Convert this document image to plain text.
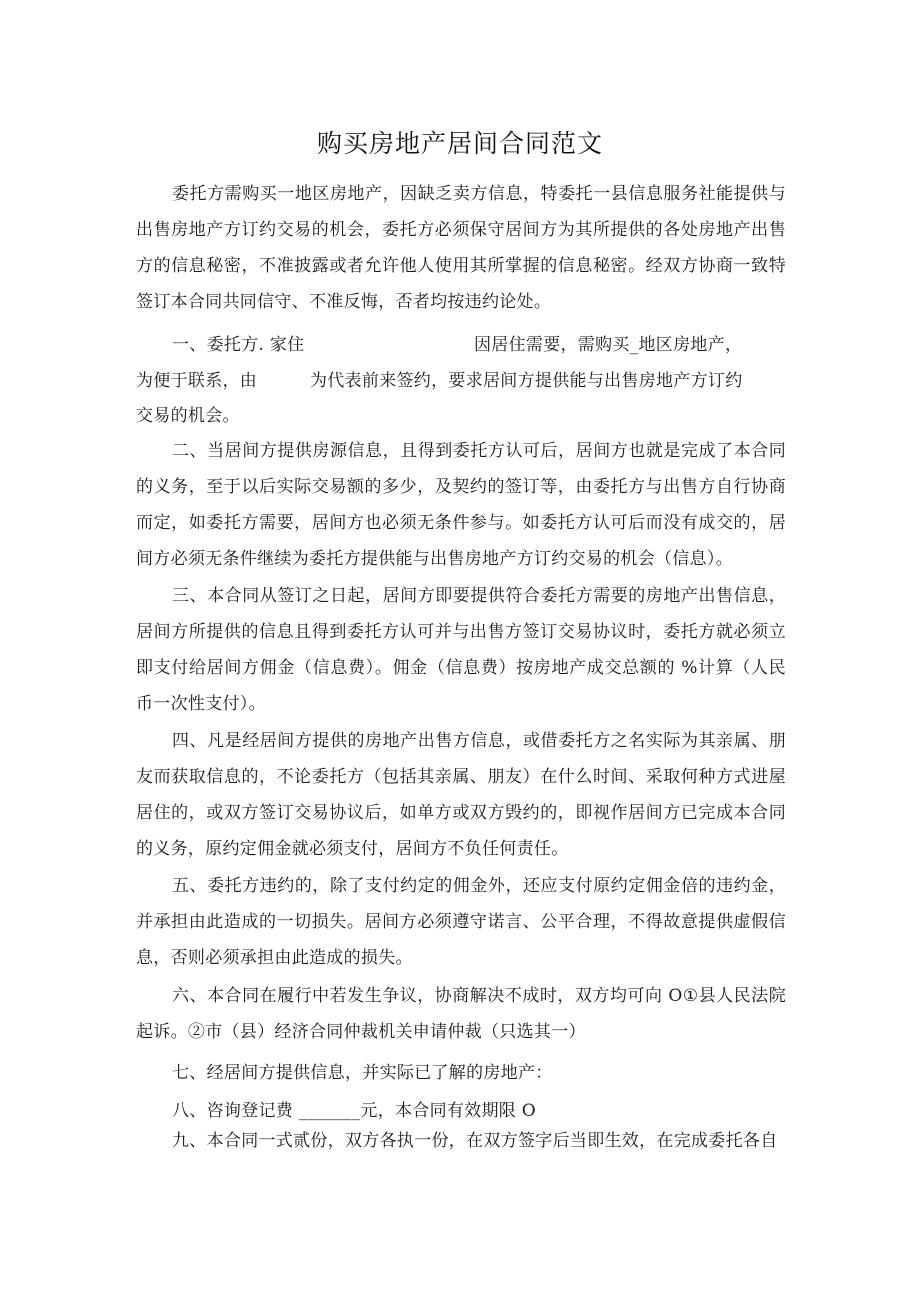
购买房地产居间合同范文

委托方需购买一地区房地产，因缺乏卖方信息，特委托一县信息服务社能提供与出售房地产方订约交易的机会，委托方必须保守居间方为其所提供的各处房地产出售方的信息秘密，不准披露或者允许他人使用其所掌握的信息秘密。经双方协商一致特签订本合同共同信守、不准反悔，否者均按违约论处。

一、委托方. 家住	因居住需要，需购买_地区房地产，
为便于联系，由	为代表前来签约，要求居间方提供能与出售房地产方订约
交易的机会。

二、当居间方提供房源信息，且得到委托方认可后，居间方也就是完成了本合同的义务，至于以后实际交易额的多少，及契约的签订等，由委托方与出售方自行协商而定，如委托方需要，居间方也必须无条件参与。如委托方认可后而没有成交的，居间方必须无条件继续为委托方提供能与出售房地产方订约交易的机会（信息）。

三、本合同从签订之日起，居间方即要提供符合委托方需要的房地产出售信息，居间方所提供的信息且得到委托方认可并与出售方签订交易协议时，委托方就必须立即支付给居间方佣金（信息费）。佣金（信息费）按房地产成交总额的 %计算（人民币一次性支付）。

四、凡是经居间方提供的房地产出售方信息，或借委托方之名实际为其亲属、朋友而获取信息的，不论委托方（包括其亲属、朋友）在什么时间、采取何种方式进屋居住的，或双方签订交易协议后，如单方或双方毁约的，即视作居间方已完成本合同的义务，原约定佣金就必须支付，居间方不负任何责任。

五、委托方违约的，除了支付约定的佣金外，还应支付原约定佣金倍的违约金，并承担由此造成的一切损失。居间方必须遵守诺言、公平合理，不得故意提供虚假信息，否则必须承担由此造成的损失。

六、本合同在履行中若发生争议，协商解决不成时，双方均可向 O①县人民法院起诉。②市（县）经济合同仲裁机关申请仲裁（只选其一）

七、经居间方提供信息，并实际已了解的房地产：
八、咨询登记费 _______元，本合同有效期限 O
九、本合同一式贰份，双方各执一份，在双方签字后当即生效，在完成委托各自
